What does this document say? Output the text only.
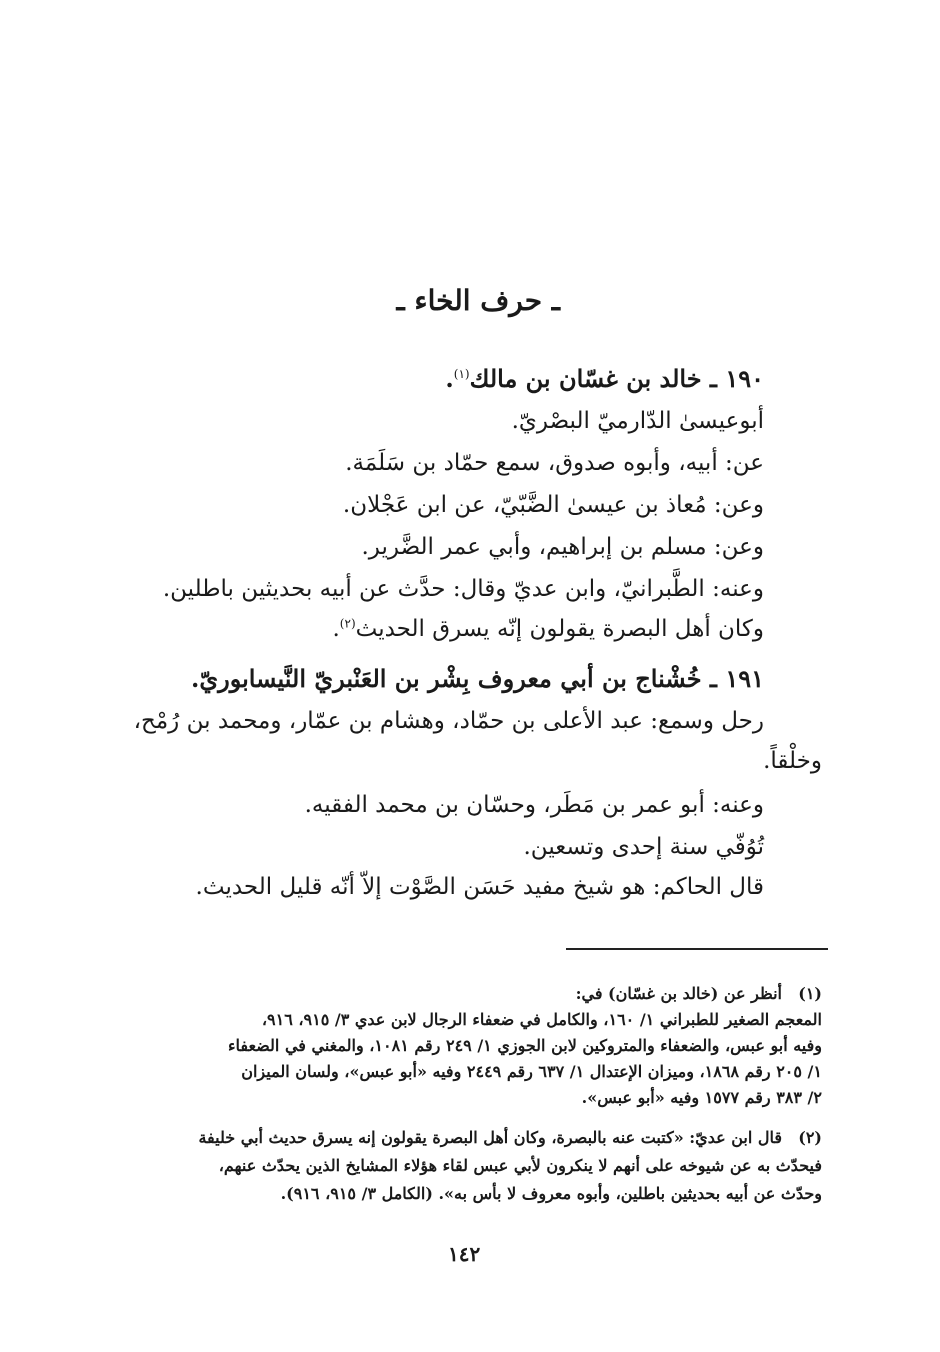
ـ حرف الخاء ـ
١٩٠ ـ خالد بن غسّان بن مالك$^{(١)}$.
أبوعيسىٰ الدّارميّ البصْريّ.
عن: أبيه، وأبوه صدوق، سمع حمّاد بن سَلَمَة.
وعن: مُعاذ بن عيسىٰ الضَّبّيّ، عن ابن عَجْلان.
وعن: مسلم بن إبراهيم، وأبي عمر الضَّرير.
وعنه: الطَّبرانيّ، وابن عديّ وقال: حدَّث عن أبيه بحديثين باطلين.
وكان أهل البصرة يقولون إنّه يسرق الحديث$^{(٢)}$.
١٩١ ـ خُشْناج بن أبي معروف بِشْر بن العَنْبريّ النَّيسابوريّ.
رحل وسمع: عبد الأعلى بن حمّاد، وهشام بن عمّار، ومحمد بن رُمْح،
وخلْقاً.
وعنه: أبو عمر بن مَطَر، وحسّان بن محمد الفقيه.
تُوُفّي سنة إحدى وتسعين.
قال الحاكم: هو شيخ مفيد حَسَن الصَّوْت إلاّ أنّه قليل الحديث.
(١)
أنظر عن (خالد بن غسّان) في:
المعجم الصغير للطبراني ١/ ١٦٠، والكامل في ضعفاء الرجال لابن عدي ٣/ ٩١٥، ٩١٦،
وفيه أبو عبس، والضعفاء والمتروكين لابن الجوزي ١/ ٢٤٩ رقم ١٠٨١، والمغني في الضعفاء
١/ ٢٠٥ رقم ١٨٦٨، وميزان الإعتدال ١/ ٦٣٧ رقم ٢٤٤٩ وفيه «أبو عبس»، ولسان الميزان
٢/ ٣٨٣ رقم ١٥٧٧ وفيه «أبو عبس».
(٢)
قال ابن عديّ: «كتبت عنه بالبصرة، وكان أهل البصرة يقولون إنه يسرق حديث أبي خليفة
فيحدّث به عن شيوخه على أنهم لا ينكرون لأبي عبس لقاء هؤلاء المشايخ الذين يحدّث عنهم،
وحدّث عن أبيه بحديثين باطلين، وأبوه معروف لا بأس به». (الكامل ٣/ ٩١٥، ٩١٦).
١٤٢
